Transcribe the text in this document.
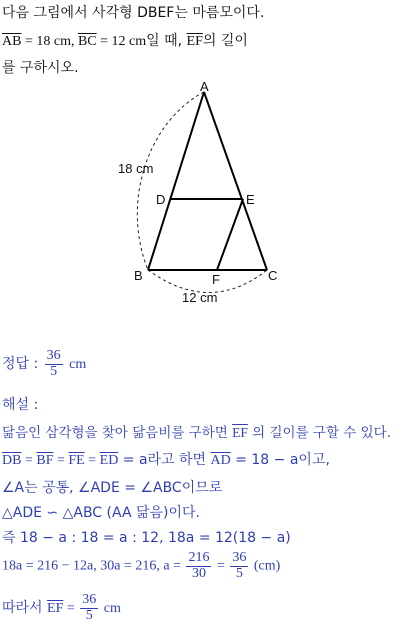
다음 그림에서 사각형 DBEF는 마름모이다.
$\overline{AB} = 18$ cm, $\overline{BC} = 12$ cm일 때, $\overline{EF}$의 길이
를 구하시오.
A
D	E
B	F	C
18 cm
12 cm
정답 : $\frac{36}{5}$ cm
해설 :
닮음인 삼각형을 찾아 닮음비를 구하면 $\overline{EF}$ 의 길이를 구할 수 있다.
$\overline{DB} = \overline{BF} = \overline{FE} = \overline{ED} = a$라고 하면 $\overline{AD} = 18 - a$이고,
∠A는 공통, ∠ADE = ∠ABC이므로
△ADE ∽ △ABC (AA 닮음)이다.
즉 18 − a : 18 = a : 12, 18a = 12(18 − a)
18a = 216 − 12a, 30a = 216, $a = \frac{216}{30} = \frac{36}{5} (cm)$
따라서 $\overline{EF} = \frac{36}{5}$ cm
